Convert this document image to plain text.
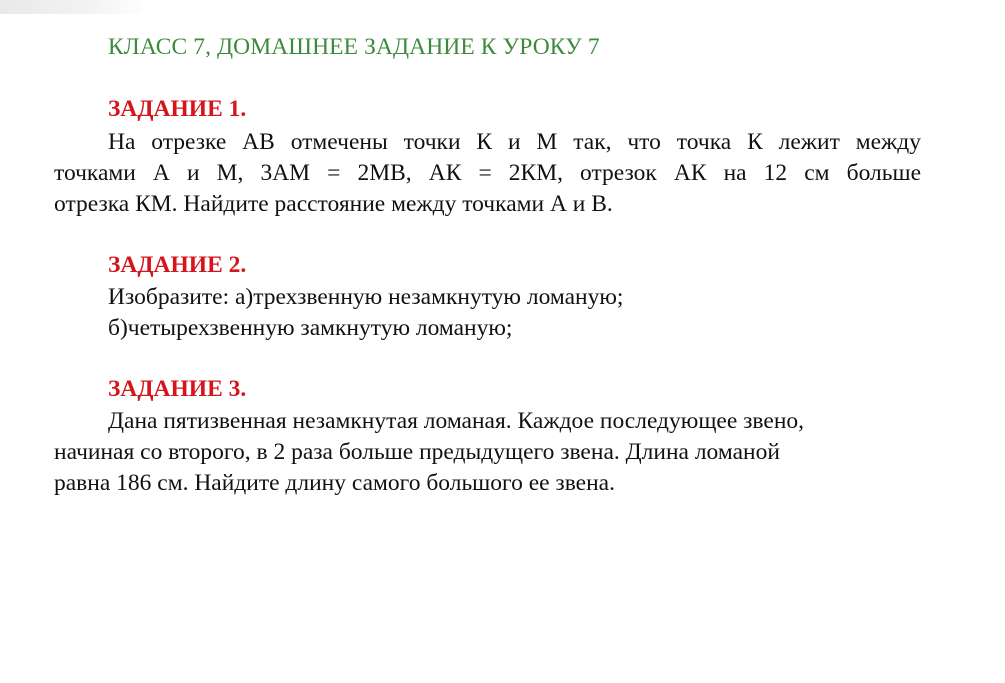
КЛАСС 7, ДОМАШНЕЕ ЗАДАНИЕ К УРОКУ 7
ЗАДАНИЕ 1.
На отрезке АВ отмечены точки К и М так, что точка К лежит между
точками А и М, 3АМ = 2МВ, АК = 2КМ, отрезок АК на 12 см больше
отрезка КМ. Найдите расстояние между точками А и В.
ЗАДАНИЕ 2.
Изобразите: а)трехзвенную незамкнутую ломаную;
б)четырехзвенную замкнутую ломаную;
ЗАДАНИЕ 3.
Дана пятизвенная незамкнутая ломаная. Каждое последующее звено,
начиная со второго, в 2 раза больше предыдущего звена. Длина ломаной
равна 186 см. Найдите длину самого большого ее звена.
